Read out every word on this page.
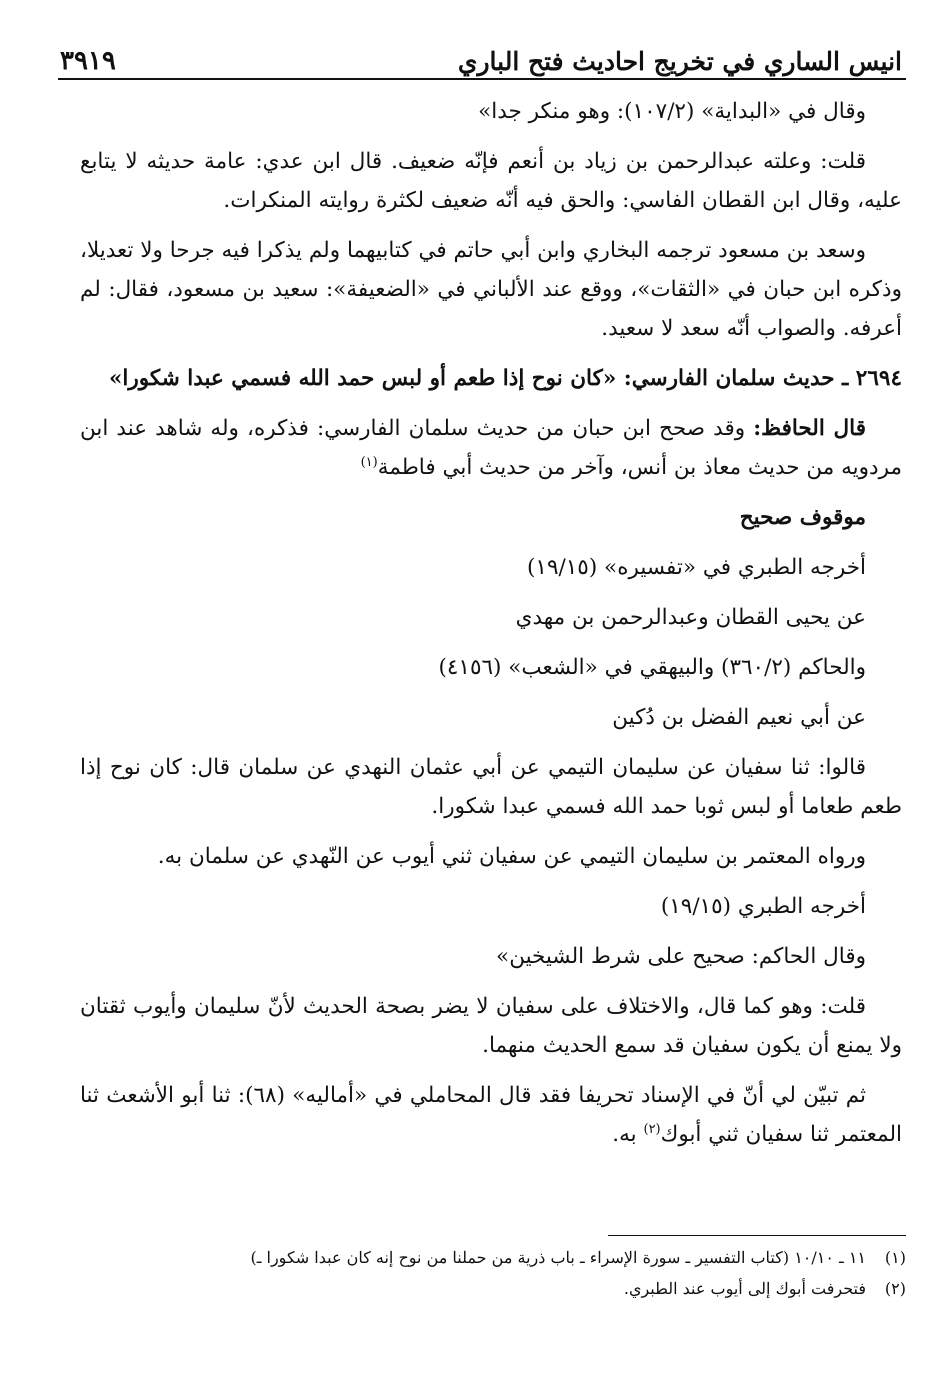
انيس الساري في تخريج احاديث فتح الباري
٣٩١٩

وقال في «البداية» (١٠٧/٢): وهو منكر جدا»

قلت: وعلته عبدالرحمن بن زياد بن أنعم فإنّه ضعيف. قال ابن عدي: عامة حديثه لا يتابع عليه، وقال ابن القطان الفاسي: والحق فيه أنّه ضعيف لكثرة روايته المنكرات.

وسعد بن مسعود ترجمه البخاري وابن أبي حاتم في كتابيهما ولم يذكرا فيه جرحا ولا تعديلا، وذكره ابن حبان في «الثقات»، ووقع عند الألباني في «الضعيفة»: سعيد بن مسعود، فقال: لم أعرفه. والصواب أنّه سعد لا سعيد.

٢٦٩٤ ـ حديث سلمان الفارسي: «كان نوح إذا طعم أو لبس حمد الله فسمي عبدا شكورا»

قال الحافظ: وقد صحح ابن حبان من حديث سلمان الفارسي: فذكره، وله شاهد عند ابن مردويه من حديث معاذ بن أنس، وآخر من حديث أبي فاطمة$^{(١)}$

موقوف صحيح

أخرجه الطبري في «تفسيره» (١٩/١٥)

عن يحيى القطان وعبدالرحمن بن مهدي

والحاكم (٣٦٠/٢) والبيهقي في «الشعب» (٤١٥٦)

عن أبي نعيم الفضل بن دُكين

قالوا: ثنا سفيان عن سليمان التيمي عن أبي عثمان النهدي عن سلمان قال: كان نوح إذا طعم طعاما أو لبس ثوبا حمد الله فسمي عبدا شكورا.

ورواه المعتمر بن سليمان التيمي عن سفيان ثني أيوب عن النّهدي عن سلمان به.

أخرجه الطبري (١٩/١٥)

وقال الحاكم: صحيح على شرط الشيخين»

قلت: وهو كما قال، والاختلاف على سفيان لا يضر بصحة الحديث لأنّ سليمان وأيوب ثقتان ولا يمنع أن يكون سفيان قد سمع الحديث منهما.

ثم تبيّن لي أنّ في الإسناد تحريفا فقد قال المحاملي في «أماليه» (٦٨): ثنا أبو الأشعث ثنا المعتمر ثنا سفيان ثني أبوك$^{(٢)}$ به.

(١)
١١ ـ ١٠/١٠ (كتاب التفسير ـ سورة الإسراء ـ باب ذرية من حملنا من نوح إنه كان عبدا شكورا ـ)
(٢)
فتحرفت أبوك إلى أيوب عند الطبري.
